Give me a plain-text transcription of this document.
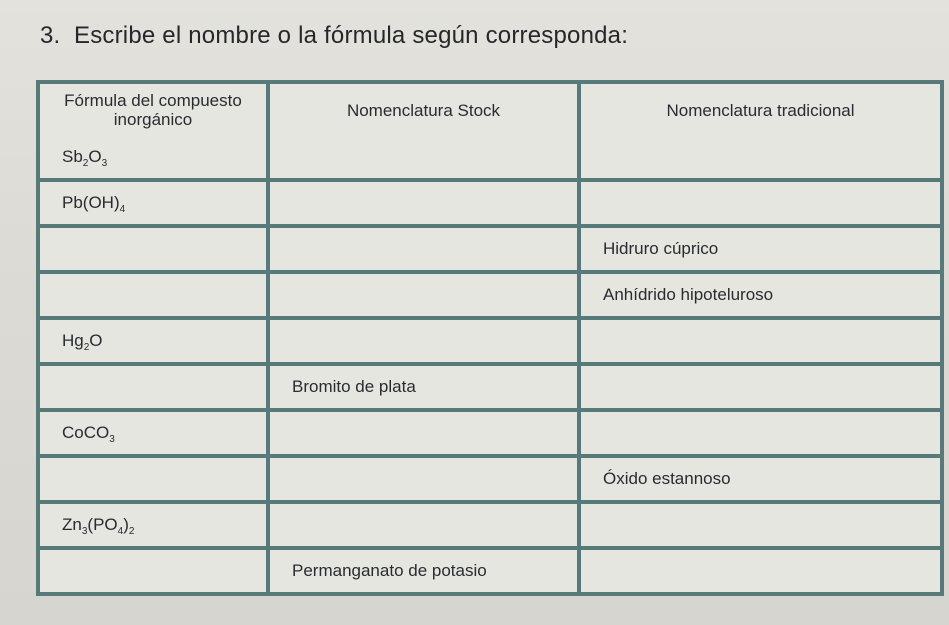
3. Escribe el nombre o la fórmula según corresponda:
Fórmula del compuesto inorgánico	Nomenclatura Stock	Nomenclatura tradicional
$Sb_2O_3$		
$Pb(OH)_4$		
		Hidruro cúprico
		Anhídrido hipoteluroso
$Hg_2O$		
	Bromito de plata	
CoCO$_3$		
		Óxido estannoso
$Zn_3(PO_4)_2$		
	Permanganato de potasio	
